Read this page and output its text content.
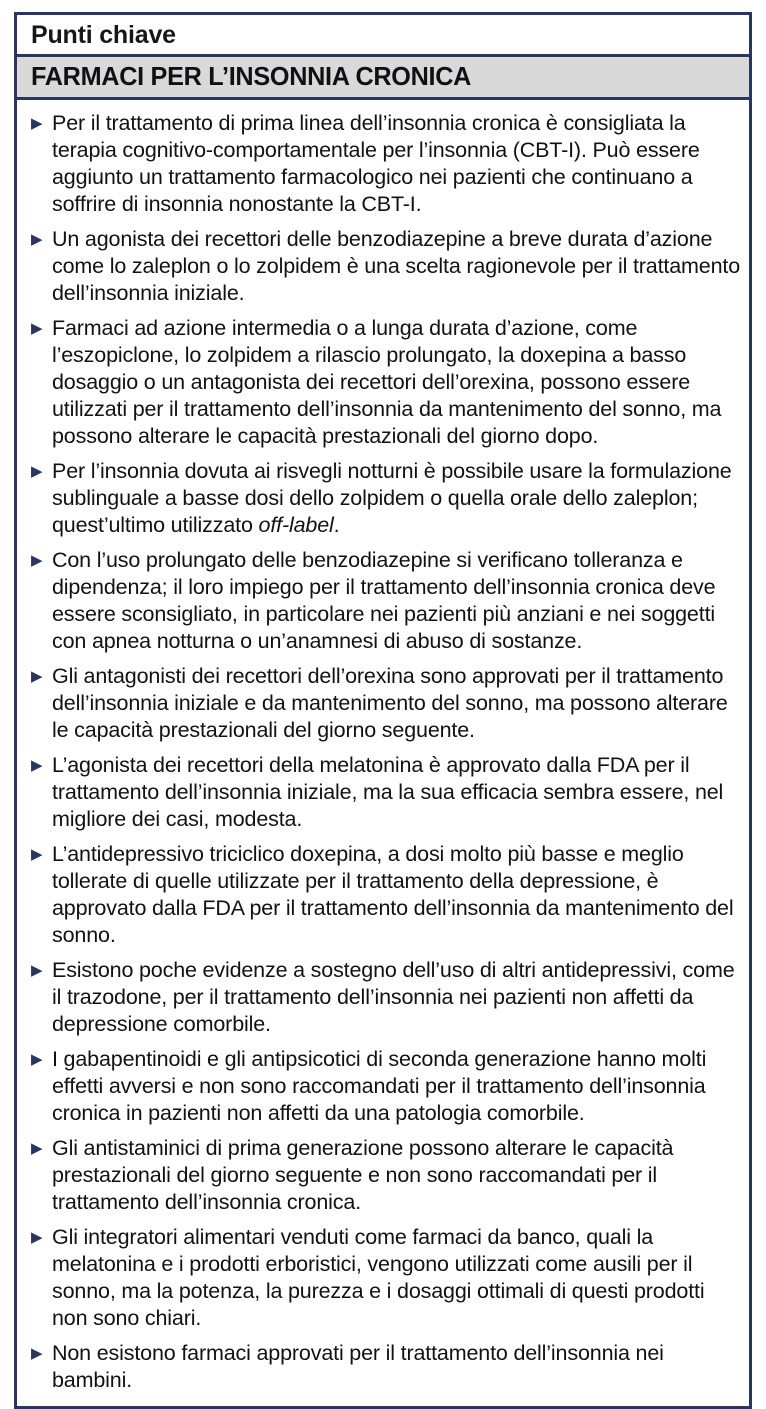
Punti chiave
FARMACI PER L’INSONNIA CRONICA
▶ Per il trattamento di prima linea dell’insonnia cronica è consigliata la terapia cognitivo-comportamentale per l’insonnia (CBT-I). Può essere aggiunto un trattamento farmacologico nei pazienti che continuano a soffrire di insonnia nonostante la CBT-I.
▶ Un agonista dei recettori delle benzodiazepine a breve durata d’azione come lo zaleplon o lo zolpidem è una scelta ragionevole per il trattamento dell’insonnia iniziale.
▶ Farmaci ad azione intermedia o a lunga durata d’azione, come l’eszopiclone, lo zolpidem a rilascio prolungato, la doxepina a basso dosaggio o un antagonista dei recettori dell’orexina, possono essere utilizzati per il trattamento dell’insonnia da mantenimento del sonno, ma possono alterare le capacità prestazionali del giorno dopo.
▶ Per l’insonnia dovuta ai risvegli notturni è possibile usare la formulazione sublinguale a basse dosi dello zolpidem o quella orale dello zaleplon; quest’ultimo utilizzato off-label.
▶ Con l’uso prolungato delle benzodiazepine si verificano tolleranza e dipendenza; il loro impiego per il trattamento dell’insonnia cronica deve essere sconsigliato, in particolare nei pazienti più anziani e nei soggetti con apnea notturna o un’anamnesi di abuso di sostanze.
▶ Gli antagonisti dei recettori dell’orexina sono approvati per il trattamento dell’insonnia iniziale e da mantenimento del sonno, ma possono alterare le capacità prestazionali del giorno seguente.
▶ L’agonista dei recettori della melatonina è approvato dalla FDA per il trattamento dell’insonnia iniziale, ma la sua efficacia sembra essere, nel migliore dei casi, modesta.
▶ L’antidepressivo triciclico doxepina, a dosi molto più basse e meglio tollerate di quelle utilizzate per il trattamento della depressione, è approvato dalla FDA per il trattamento dell’insonnia da mantenimento del sonno.
▶ Esistono poche evidenze a sostegno dell’uso di altri antidepressivi, come il trazodone, per il trattamento dell’insonnia nei pazienti non affetti da depressione comorbile.
▶ I gabapentinoidi e gli antipsicotici di seconda generazione hanno molti effetti avversi e non sono raccomandati per il trattamento dell’insonnia cronica in pazienti non affetti da una patologia comorbile.
▶ Gli antistaminici di prima generazione possono alterare le capacità prestazionali del giorno seguente e non sono raccomandati per il trattamento dell’insonnia cronica.
▶ Gli integratori alimentari venduti come farmaci da banco, quali la melatonina e i prodotti erboristici, vengono utilizzati come ausili per il sonno, ma la potenza, la purezza e i dosaggi ottimali di questi prodotti non sono chiari.
▶ Non esistono farmaci approvati per il trattamento dell’insonnia nei bambini.
